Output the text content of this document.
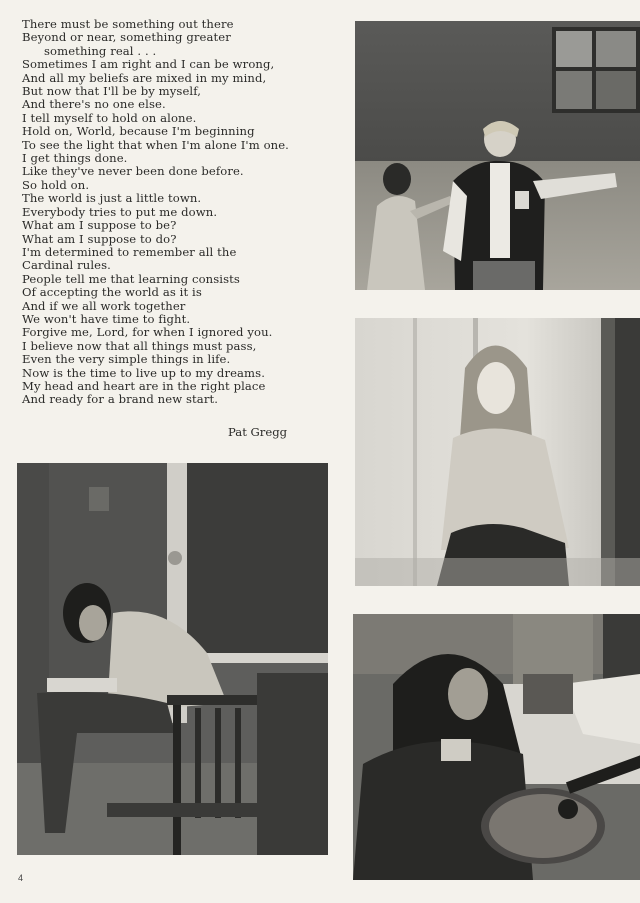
There must be something out there
Beyond or near, something greater
something real . . .
Sometimes I am right and I can be wrong,
And all my beliefs are mixed in my mind,
But now that I'll be by myself,
And there's no one else.
I tell myself to hold on alone.
Hold on, World, because I'm beginning
To see the light that when I'm alone I'm one.
I get things done.
Like they've never been done before.
So hold on.
The world is just a little town.
Everybody tries to put me down.
What am I suppose to be?
What am I suppose to do?
I'm determined to remember all the
Cardinal rules.
People tell me that learning consists
Of accepting the world as it is
And if we all work together
We won't have time to fight.
Forgive me, Lord, for when I ignored you.
I believe now that all things must pass,
Even the very simple things in life.
Now is the time to live up to my dreams.
My head and heart are in the right place
And ready for a brand new start.
Pat Gregg
4
